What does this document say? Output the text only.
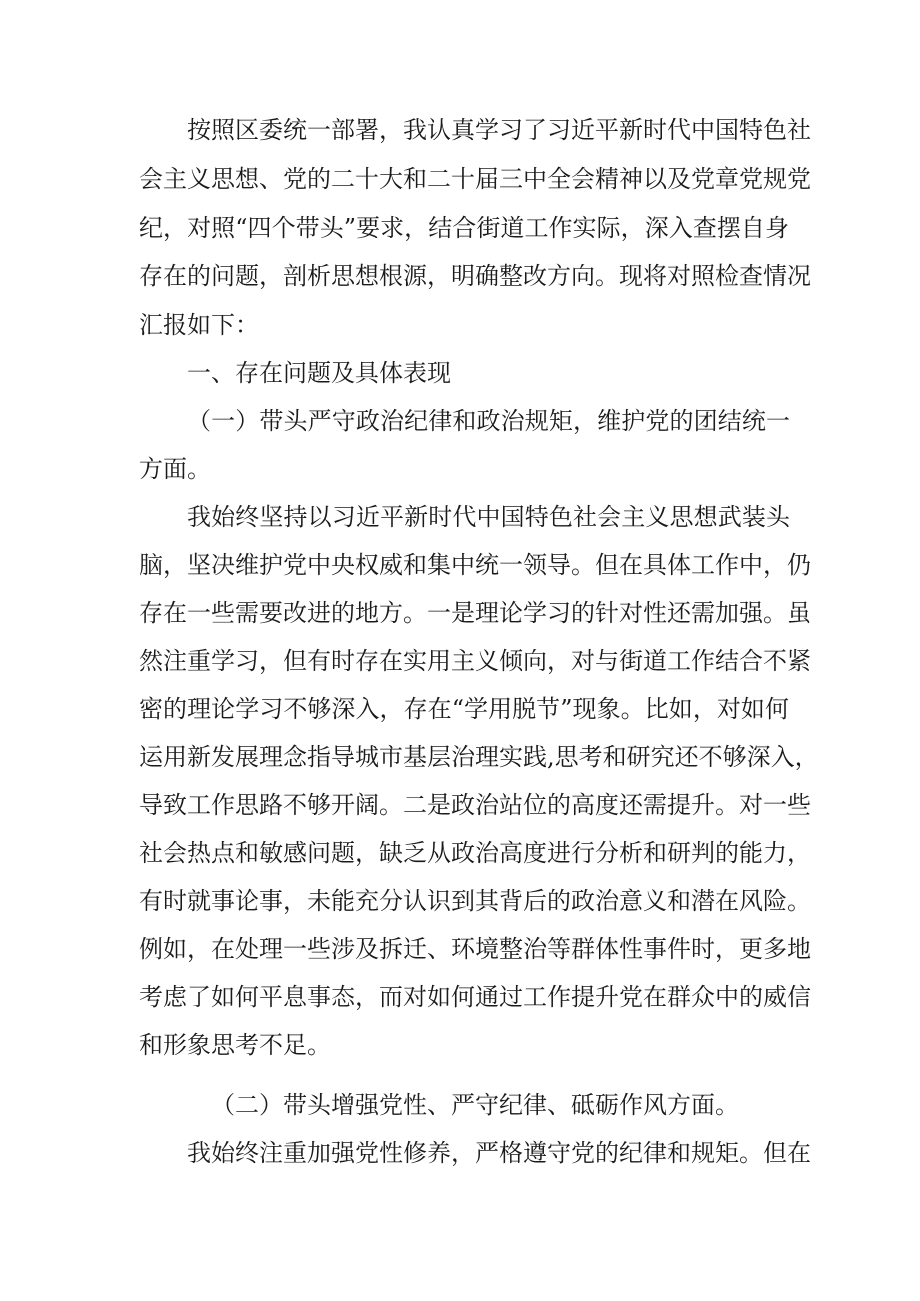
按照区委统一部署，我认真学习了习近平新时代中国特色社
会主义思想、党的二十大和二十届三中全会精神以及党章党规党
纪，对照“四个带头”要求，结合街道工作实际，深入查摆自身
存在的问题，剖析思想根源，明确整改方向。现将对照检查情况
汇报如下：
一、存在问题及具体表现
（一）带头严守政治纪律和政治规矩，维护党的团结统一
方面。
我始终坚持以习近平新时代中国特色社会主义思想武装头
脑，坚决维护党中央权威和集中统一领导。但在具体工作中，仍
存在一些需要改进的地方。一是理论学习的针对性还需加强。虽
然注重学习，但有时存在实用主义倾向，对与街道工作结合不紧
密的理论学习不够深入，存在“学用脱节”现象。比如，对如何
运用新发展理念指导城市基层治理实践,思考和研究还不够深入，
导致工作思路不够开阔。二是政治站位的高度还需提升。对一些
社会热点和敏感问题，缺乏从政治高度进行分析和研判的能力，
有时就事论事，未能充分认识到其背后的政治意义和潜在风险。
例如，在处理一些涉及拆迁、环境整治等群体性事件时，更多地
考虑了如何平息事态，而对如何通过工作提升党在群众中的威信
和形象思考不足。
（二）带头增强党性、严守纪律、砥砺作风方面。
我始终注重加强党性修养，严格遵守党的纪律和规矩。但在
